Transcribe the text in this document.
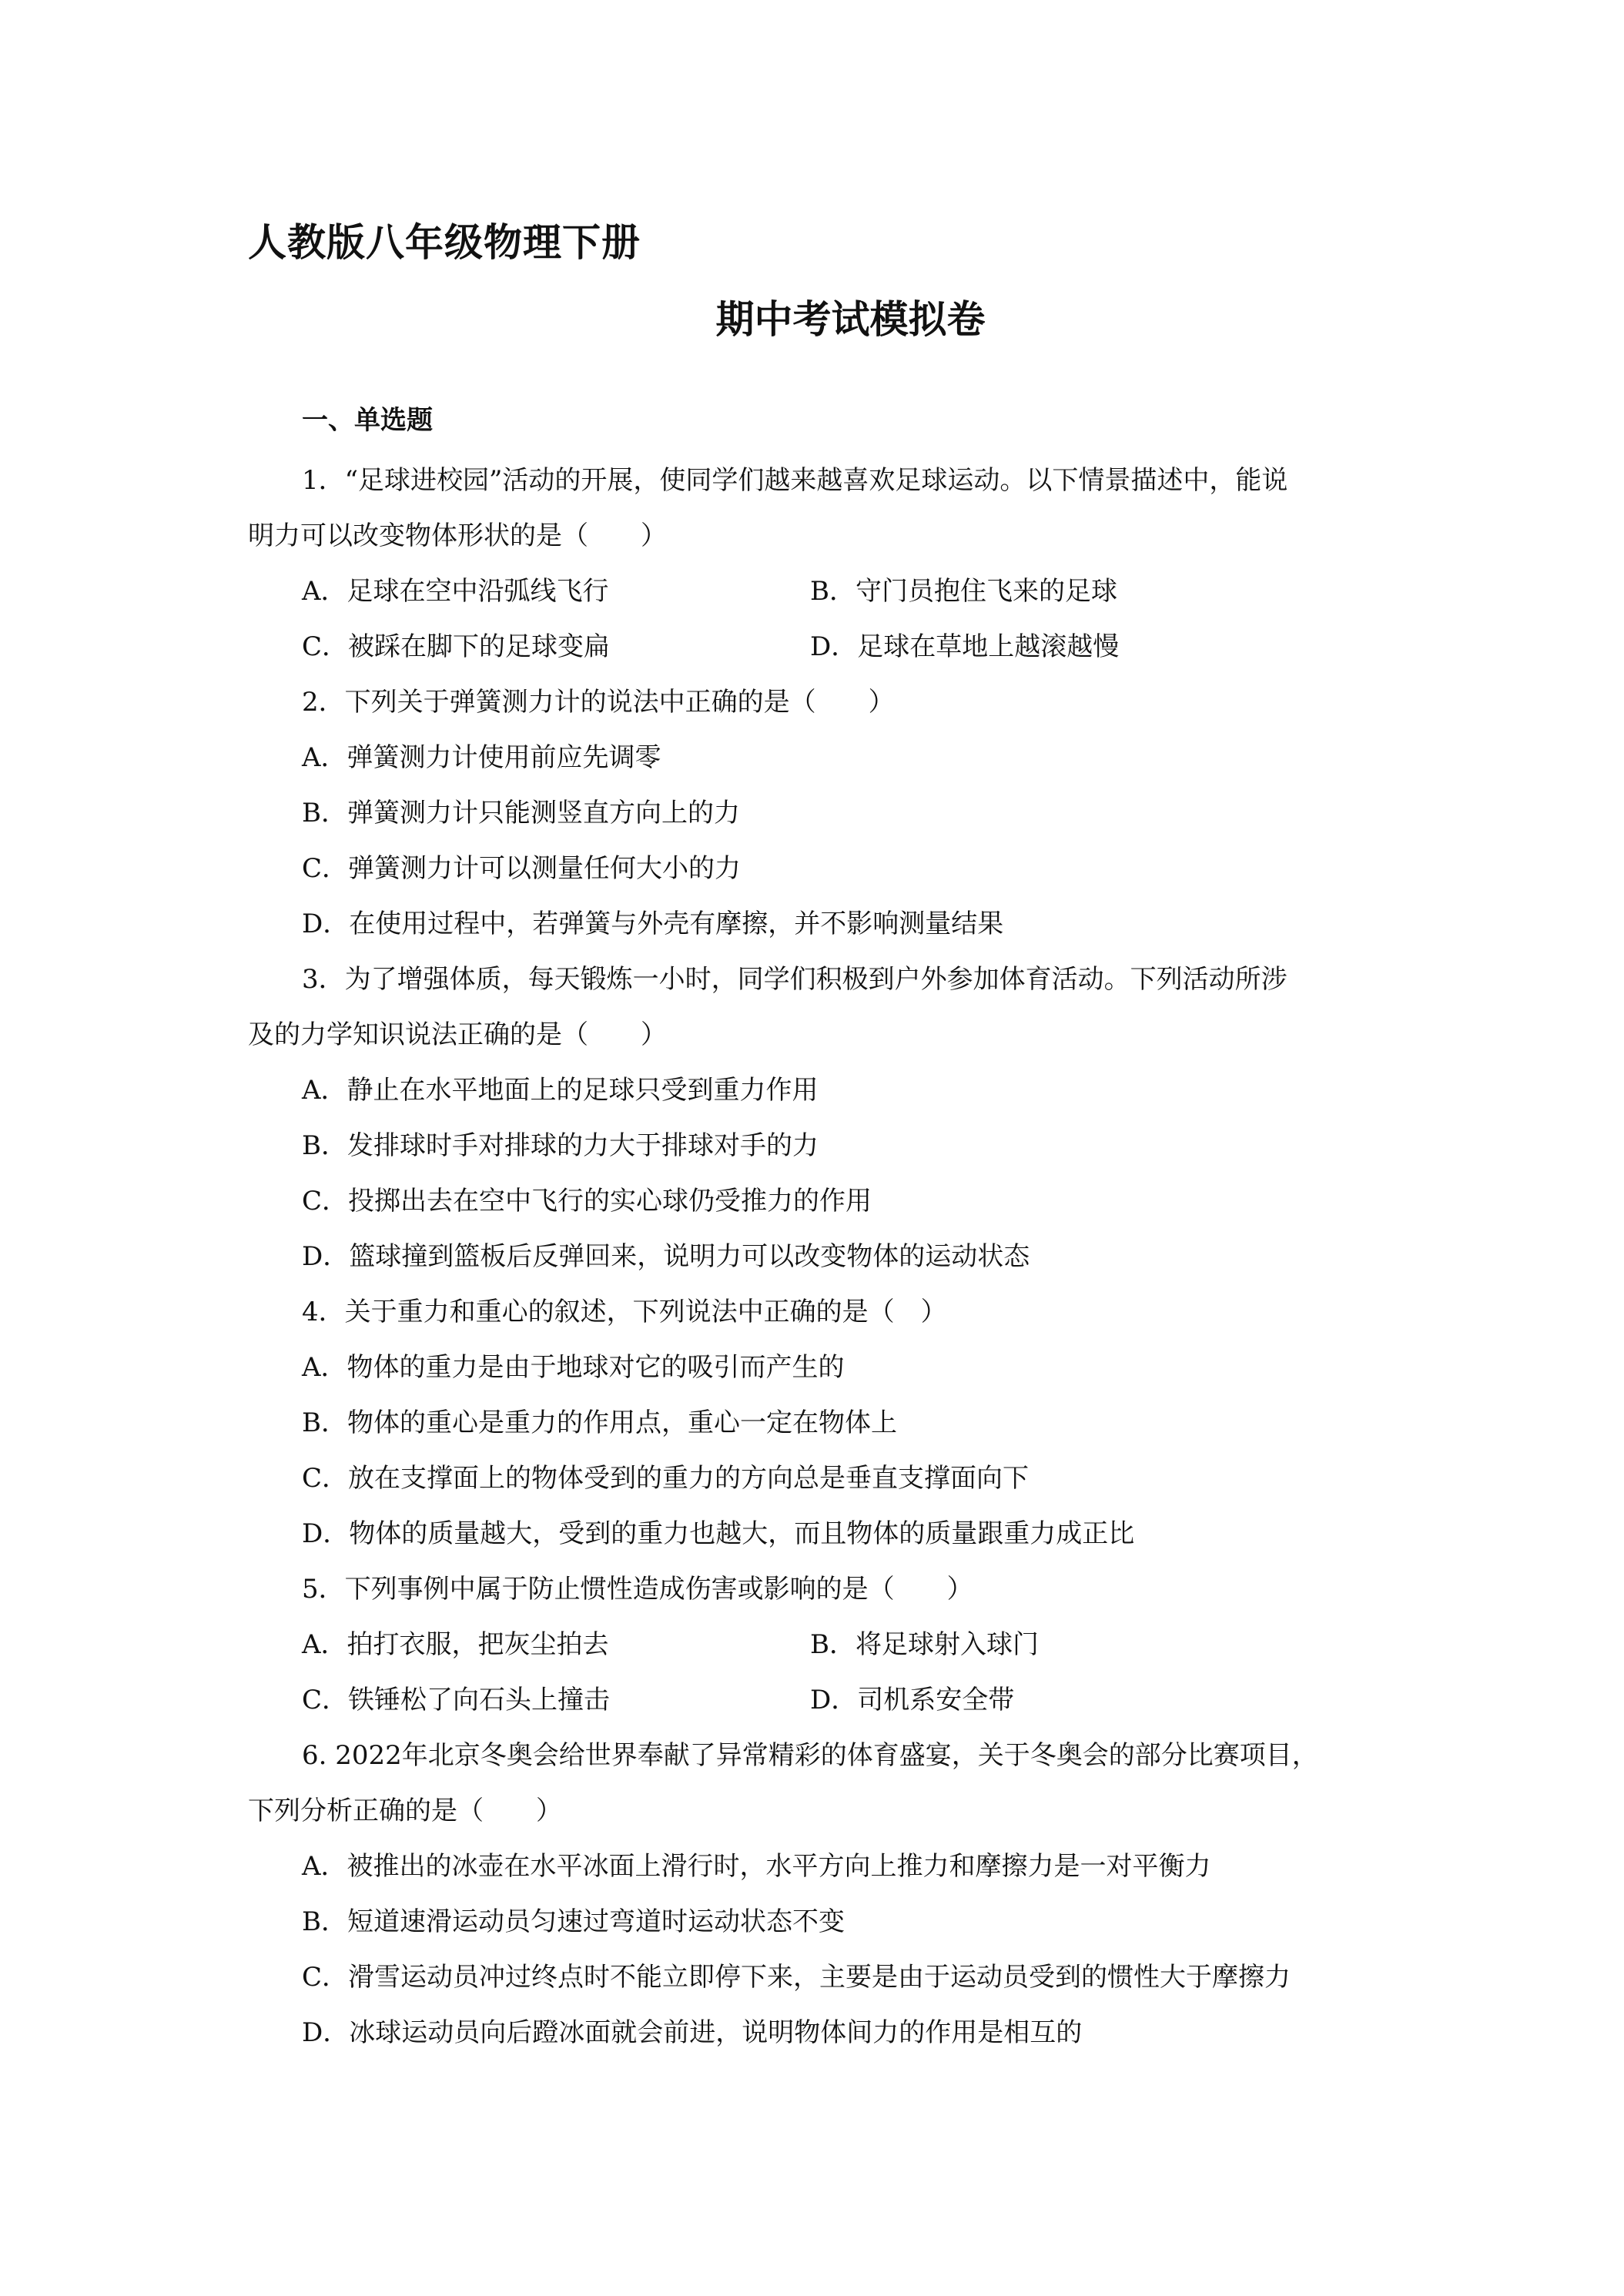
人教版八年级物理下册
期中考试模拟卷
一、单选题
1．“足球进校园”活动的开展，使同学们越来越喜欢足球运动。以下情景描述中，能说
明力可以改变物体形状的是（　　）
A．足球在空中沿弧线飞行	B．守门员抱住飞来的足球
C．被踩在脚下的足球变扁	D．足球在草地上越滚越慢
2．下列关于弹簧测力计的说法中正确的是（　　）
A．弹簧测力计使用前应先调零
B．弹簧测力计只能测竖直方向上的力
C．弹簧测力计可以测量任何大小的力
D．在使用过程中，若弹簧与外壳有摩擦，并不影响测量结果
3．为了增强体质，每天锻炼一小时，同学们积极到户外参加体育活动。下列活动所涉
及的力学知识说法正确的是（　　）
A．静止在水平地面上的足球只受到重力作用
B．发排球时手对排球的力大于排球对手的力
C．投掷出去在空中飞行的实心球仍受推力的作用
D．篮球撞到篮板后反弹回来，说明力可以改变物体的运动状态
4．关于重力和重心的叙述，下列说法中正确的是（　）
A．物体的重力是由于地球对它的吸引而产生的
B．物体的重心是重力的作用点，重心一定在物体上
C．放在支撑面上的物体受到的重力的方向总是垂直支撑面向下
D．物体的质量越大，受到的重力也越大，而且物体的质量跟重力成正比
5．下列事例中属于防止惯性造成伤害或影响的是（　　）
A．拍打衣服，把灰尘拍去	B．将足球射入球门
C．铁锤松了向石头上撞击	D．司机系安全带
6. 2022年北京冬奥会给世界奉献了异常精彩的体育盛宴，关于冬奥会的部分比赛项目，
下列分析正确的是（　　）
A．被推出的冰壶在水平冰面上滑行时，水平方向上推力和摩擦力是一对平衡力
B．短道速滑运动员匀速过弯道时运动状态不变
C．滑雪运动员冲过终点时不能立即停下来，主要是由于运动员受到的惯性大于摩擦力
D．冰球运动员向后蹬冰面就会前进，说明物体间力的作用是相互的
